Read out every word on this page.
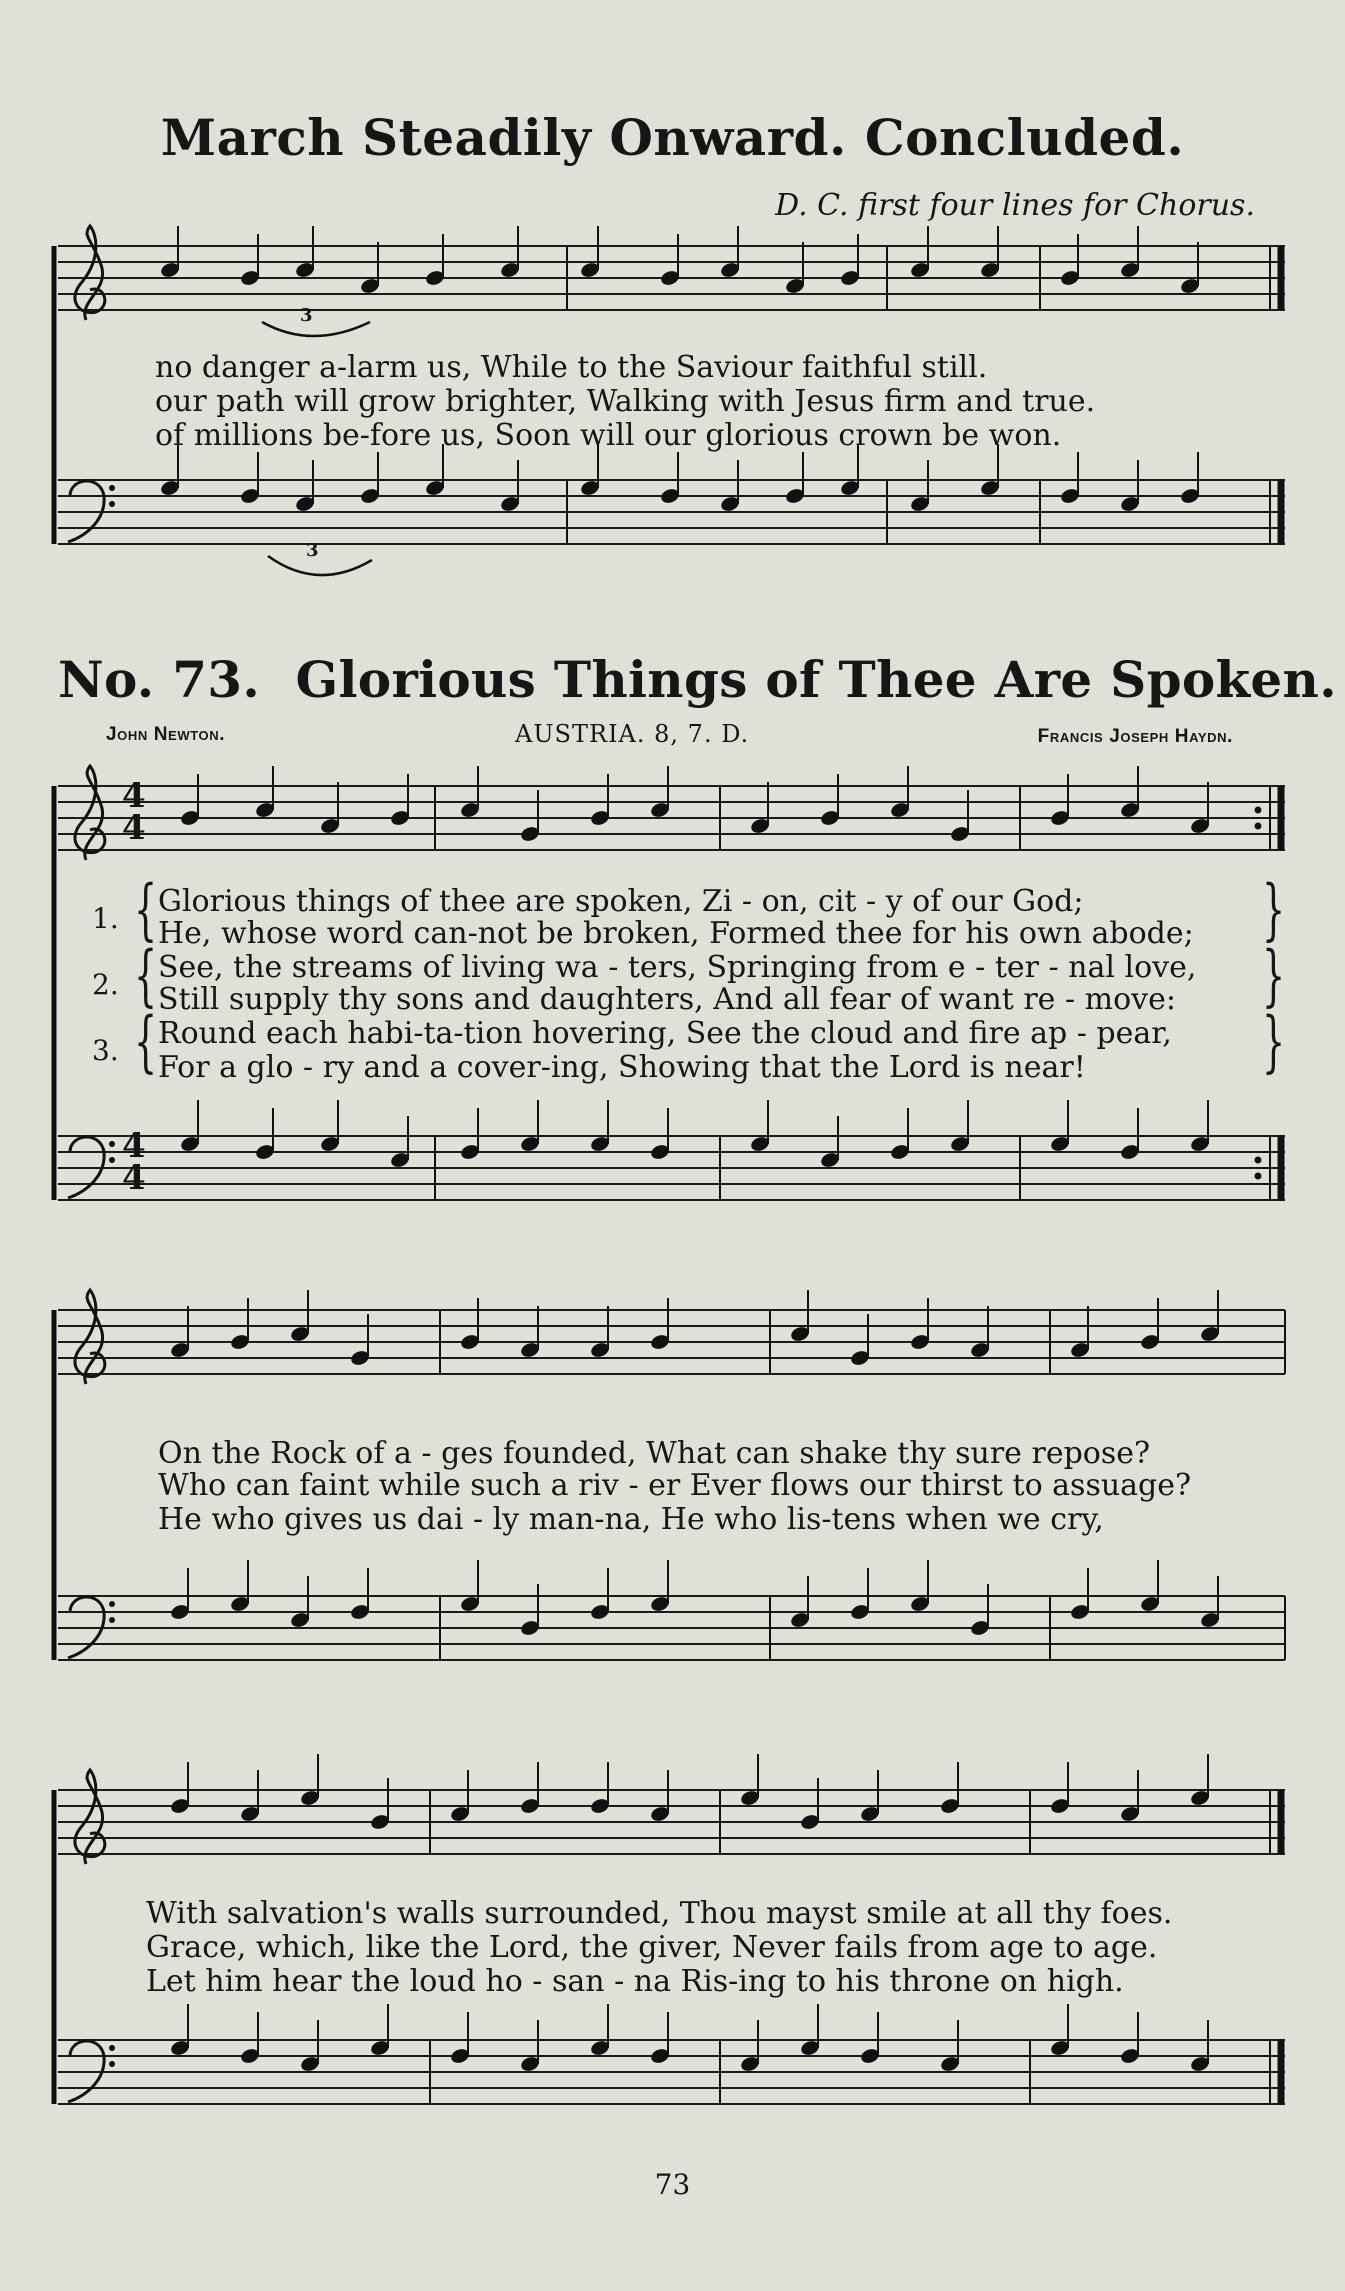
March Steadily Onward. Concluded.
D. C. first four lines for Chorus.
3
3
no danger a-larm us, While to the Saviour faithful still.
our path will grow brighter, Walking with Jesus firm and true.
of millions be-fore us, Soon will our glorious crown be won.
No. 73. Glorious Things of Thee Are Spoken.
John Newton.	AUSTRIA. 8, 7. D.	Francis Joseph Haydn.
4
4
4
4
1.
2.
3.
{
{
{
}
}
}
Glorious things of thee are spoken, Zi - on, cit - y of our God;
He, whose word can-not be broken, Formed thee for his own abode;
See, the streams of living wa - ters, Springing from e - ter - nal love,
Still supply thy sons and daughters, And all fear of want re - move:
Round each habi-ta-tion hovering, See the cloud and fire ap - pear,
For a glo - ry and a cover-ing, Showing that the Lord is near!
On the Rock of a - ges founded, What can shake thy sure repose?
Who can faint while such a riv - er Ever flows our thirst to assuage?
He who gives us dai - ly man-na, He who lis-tens when we cry,
With salvation's walls surrounded, Thou mayst smile at all thy foes.
Grace, which, like the Lord, the giver, Never fails from age to age.
Let him hear the loud ho - san - na Ris-ing to his throne on high.
73
